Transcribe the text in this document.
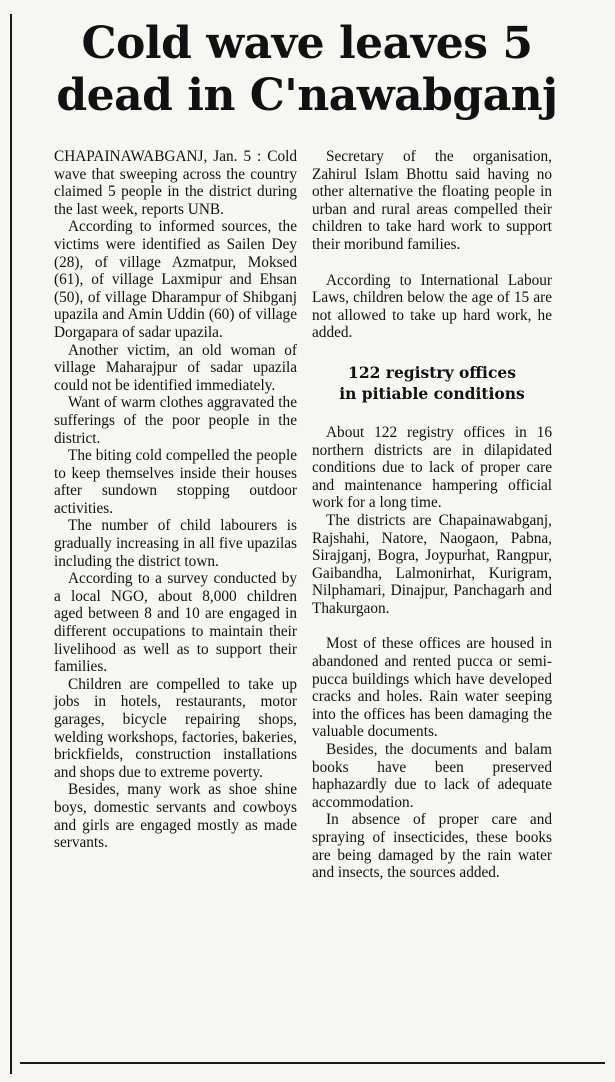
Cold wave leaves 5
dead in C'nawabganj

CHAPAINAWABGANJ, Jan. 5 : Cold wave that sweeping across the country claimed 5 people in the district during the last week, reports UNB.

According to informed sources, the victims were identified as Sailen Dey (28), of village Azmatpur, Moksed (61), of village Laxmipur and Ehsan (50), of village Dharampur of Shibganj upazila and Amin Uddin (60) of village Dorgapara of sadar upazila.

Another victim, an old woman of village Maharajpur of sadar upazila could not be identified immediately.

Want of warm clothes aggravated the sufferings of the poor people in the district.

The biting cold compelled the people to keep themselves inside their houses after sundown stopping outdoor activities.

The number of child labourers is gradually increasing in all five upazilas including the district town.

According to a survey conducted by a local NGO, about 8,000 children aged between 8 and 10 are engaged in different occupations to maintain their livelihood as well as to support their families.

Children are compelled to take up jobs in hotels, restaurants, motor garages, bicycle repairing shops, welding workshops, factories, bakeries, brickfields, construction installations and shops due to extreme poverty.

Besides, many work as shoe shine boys, domestic servants and cowboys and girls are engaged mostly as made servants.

Secretary of the organisation, Zahirul Islam Bhottu said having no other alternative the floating people in urban and rural areas compelled their children to take hard work to support their moribund families.

According to International Labour Laws, children below the age of 15 are not allowed to take up hard work, he added.

122 registry offices
in pitiable conditions

About 122 registry offices in 16 northern districts are in dilapidated conditions due to lack of proper care and maintenance hampering official work for a long time.

The districts are Chapainawabganj, Rajshahi, Natore, Naogaon, Pabna, Sirajganj, Bogra, Joypurhat, Rangpur, Gaibandha, Lalmonirhat, Kurigram, Nilphamari, Dinajpur, Panchagarh and Thakurgaon.

Most of these offices are housed in abandoned and rented pucca or semi-pucca buildings which have developed cracks and holes. Rain water seeping into the offices has been damaging the valuable documents.

Besides, the documents and balam books have been preserved haphazardly due to lack of adequate accommodation.

In absence of proper care and spraying of insecticides, these books are being damaged by the rain water and insects, the sources added.
